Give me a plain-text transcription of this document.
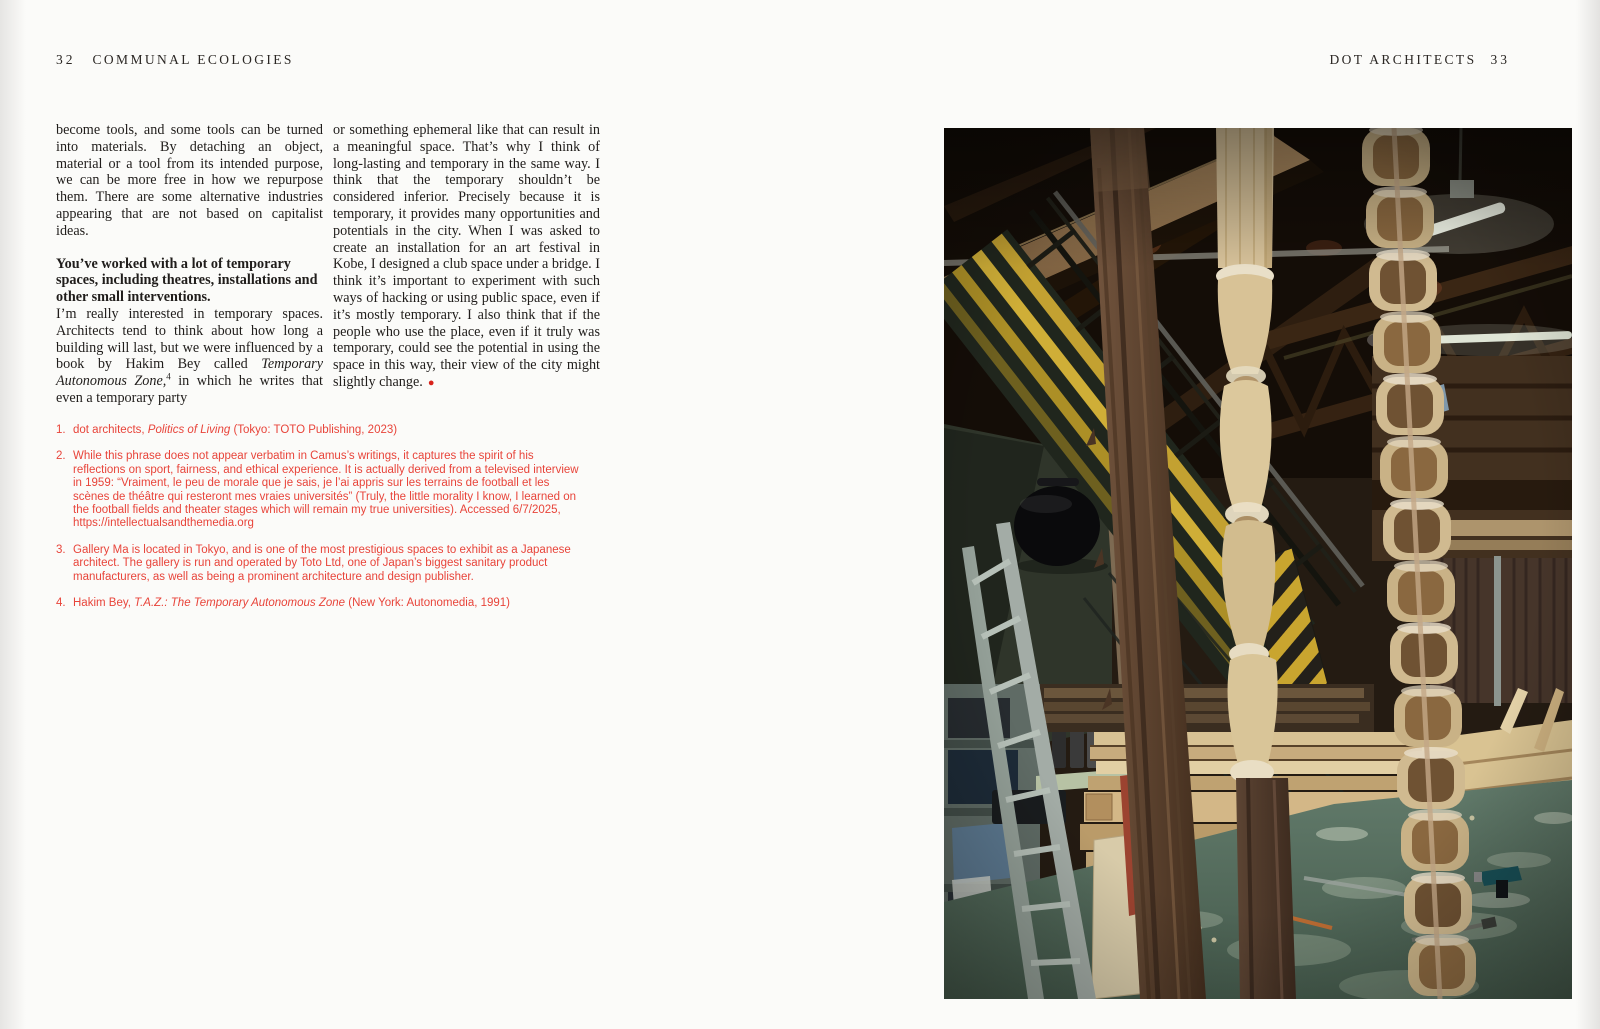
32 COMMUNAL ECOLOGIES

become tools, and some tools can be turned into materials. By detaching an object, material or a tool from its intended purpose, we can be more free in how we repurpose them. There are some alternative industries appearing that are not based on capitalist ideas.

You’ve worked with a lot of temporary spaces, including theatres, installations and other small interventions.

I’m really interested in temporary spaces. Architects tend to think about how long a building will last, but we were influenced by a book by Hakim Bey called Temporary Autonomous Zone,$^4$ in which he writes that even a temporary party

or something ephemeral like that can result in a meaningful space. That’s why I think of long-lasting and temporary in the same way. I think that the temporary shouldn’t be considered inferior. Precisely because it is temporary, it provides many opportunities and potentials in the city. When I was asked to create an installation for an art festival in Kobe, I designed a club space under a bridge. I think it’s important to experiment with such ways of hacking or using public space, even if it’s mostly temporary. I also think that if the people who use the place, even if it truly was temporary, could see the potential in using the space in this way, their view of the city might slightly change. ●

1. dot architects, Politics of Living (Tokyo: TOTO Publishing, 2023)
2. While this phrase does not appear verbatim in Camus’s writings, it captures the spirit of his reflections on sport, fairness, and ethical experience. It is actually derived from a televised interview in 1959: “Vraiment, le peu de morale que je sais, je l’ai appris sur les terrains de football et les scènes de théâtre qui resteront mes vraies universités” (Truly, the little morality I know, I learned on the football fields and theater stages which will remain my true universities). Accessed 6/7/2025, https://intellectualsandthemedia.org
3. Gallery Ma is located in Tokyo, and is one of the most prestigious spaces to exhibit as a Japanese architect. The gallery is run and operated by Toto Ltd, one of Japan’s biggest sanitary product manufacturers, as well as being a prominent architecture and design publisher.
4. Hakim Bey, T.A.Z.: The Temporary Autonomous Zone (New York: Autonomedia, 1991)
DOT ARCHITECTS 33
